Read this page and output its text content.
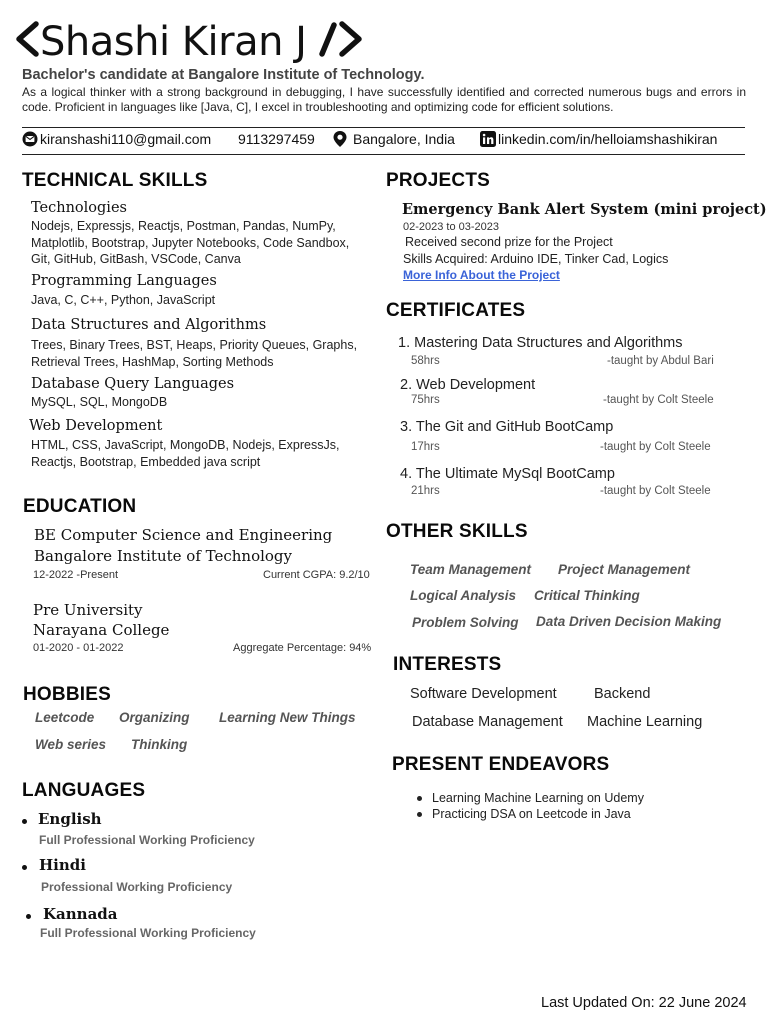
Shashi Kiran J
Bachelor's candidate at Bangalore Institute of Technology.
As a logical thinker with a strong background in debugging, I have successfully identified and corrected numerous bugs and errors in code. Proficient in languages like [Java, C], I excel in troubleshooting and optimizing code for efficient solutions.
kiranshashi110@gmail.com 9113297459	Bangalore, India	linkedin.com/in/helloiamshashikiran
TECHNICAL SKILLS
Technologies
Nodejs, Expressjs, Reactjs, Postman, Pandas, NumPy, Matplotlib, Bootstrap, Jupyter Notebooks, Code Sandbox, Git, GitHub, GitBash, VSCode, Canva
Programming Languages
Java, C, C++, Python, JavaScript
Data Structures and Algorithms
Trees, Binary Trees, BST, Heaps, Priority Queues, Graphs, Retrieval Trees, HashMap, Sorting Methods
Database Query Languages
MySQL, SQL, MongoDB
Web Development
HTML, CSS, JavaScript, MongoDB, Nodejs, ExpressJs, Reactjs, Bootstrap, Embedded java script
EDUCATION
BE Computer Science and Engineering
Bangalore Institute of Technology
12-2022 -Present	Current CGPA: 9.2/10
Pre University
Narayana College
01-2020 - 01-2022	Aggregate Percentage: 94%
HOBBIES
Leetcode Organizing Learning New Things
Web series Thinking
LANGUAGES
English
Full Professional Working Proficiency
Hindi
Professional Working Proficiency
Kannada
Full Professional Working Proficiency
PROJECTS
Emergency Bank Alert System (mini project)
02-2023 to 03-2023
Received second prize for the Project
Skills Acquired: Arduino IDE, Tinker Cad, Logics
More Info About the Project
CERTIFICATES
1. Mastering Data Structures and Algorithms
58hrs	-taught by Abdul Bari
2. Web Development
75hrs	-taught by Colt Steele
3. The Git and GitHub BootCamp
17hrs	-taught by Colt Steele
4. The Ultimate MySql BootCamp
21hrs	-taught by Colt Steele
OTHER SKILLS
Team Management Project Management
Logical Analysis Critical Thinking
Problem Solving Data Driven Decision Making
INTERESTS
Software Development	Backend
Database Management Machine Learning
PRESENT ENDEAVORS
Learning Machine Learning on Udemy
Practicing DSA on Leetcode in Java
Last Updated On: 22 June 2024
